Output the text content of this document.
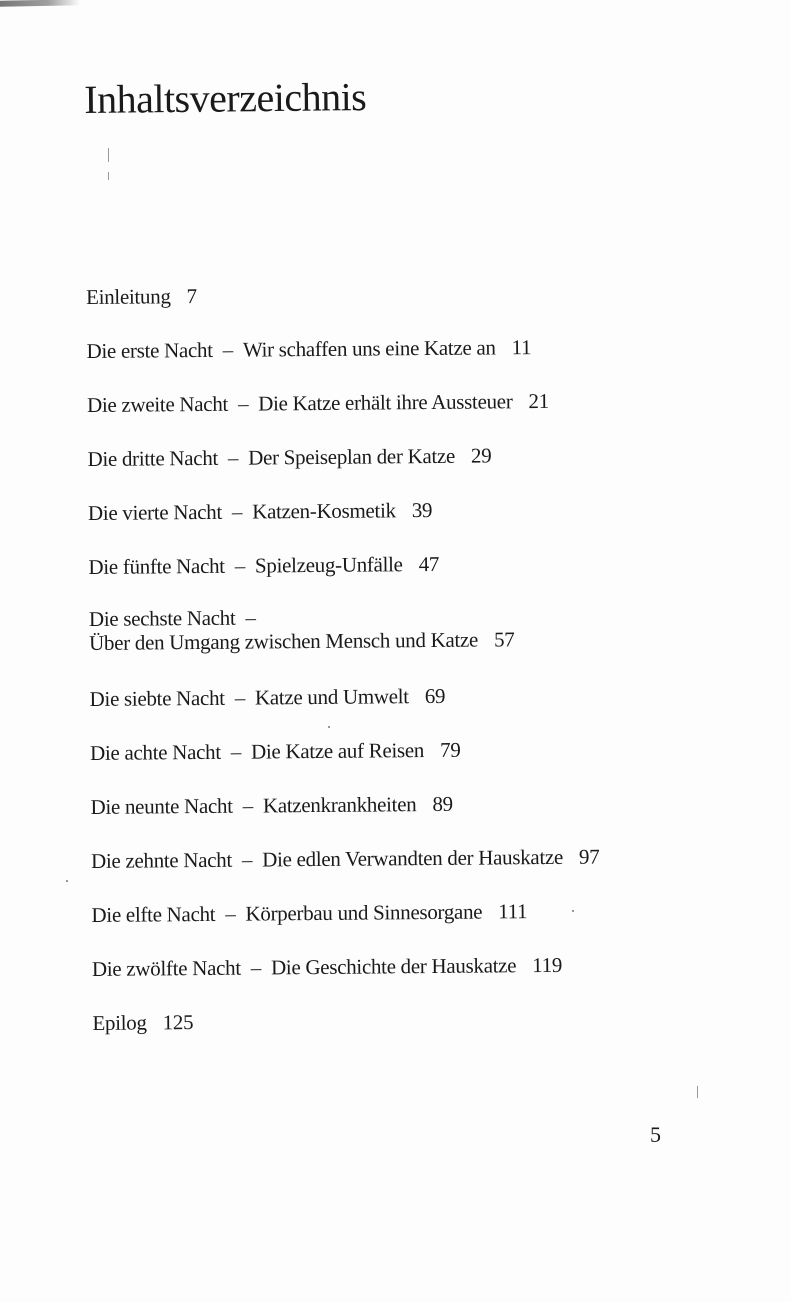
Inhaltsverzeichnis
Einleitung 7
Die erste Nacht – Wir schaffen uns eine Katze an 11
Die zweite Nacht – Die Katze erhält ihre Aussteuer 21
Die dritte Nacht – Der Speiseplan der Katze 29
Die vierte Nacht – Katzen-Kosmetik 39
Die fünfte Nacht – Spielzeug-Unfälle 47
Die sechste Nacht –
Über den Umgang zwischen Mensch und Katze 57
Die siebte Nacht – Katze und Umwelt 69
Die achte Nacht – Die Katze auf Reisen 79
Die neunte Nacht – Katzenkrankheiten 89
Die zehnte Nacht – Die edlen Verwandten der Hauskatze 97
Die elfte Nacht – Körperbau und Sinnesorgane 111
Die zwölfte Nacht – Die Geschichte der Hauskatze 119
Epilog 125
5
